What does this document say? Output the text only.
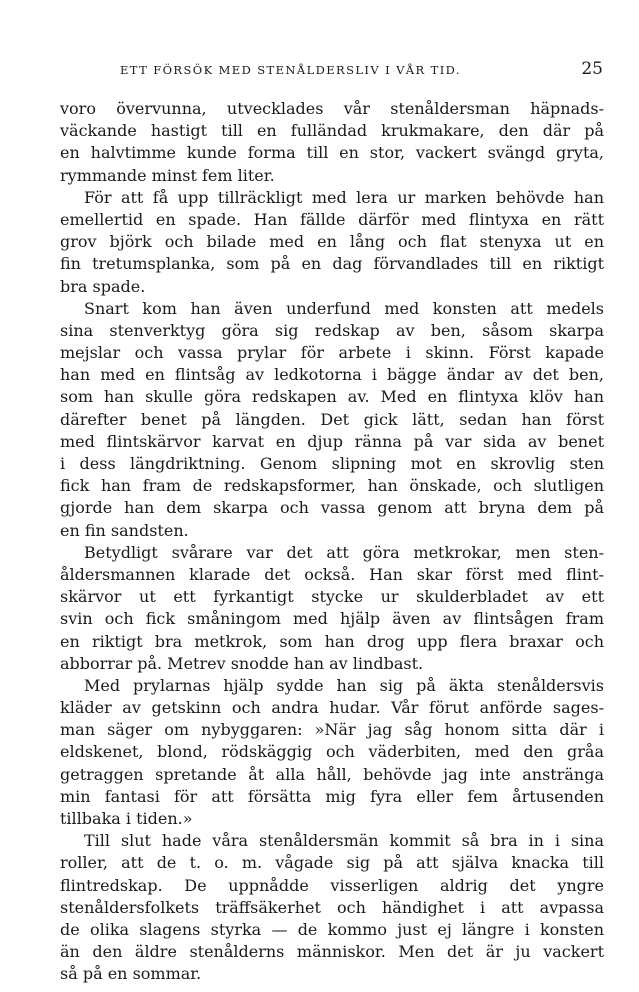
ETT FÖRSÖK MED STENÅLDERSLIV I VÅR TID.	25
voro övervunna, utvecklades vår stenåldersman häpnads-
väckande hastigt till en fulländad krukmakare, den där på
en halvtimme kunde forma till en stor, vackert svängd gryta,
rymmande minst fem liter.
För att få upp tillräckligt med lera ur marken behövde han
emellertid en spade. Han fällde därför med flintyxa en rätt
grov björk och bilade med en lång och flat stenyxa ut en
fin tretumsplanka, som på en dag förvandlades till en riktigt
bra spade.
Snart kom han även underfund med konsten att medels
sina stenverktyg göra sig redskap av ben, såsom skarpa
mejslar och vassa prylar för arbete i skinn. Först kapade
han med en flintsåg av ledkotorna i bägge ändar av det ben,
som han skulle göra redskapen av. Med en flintyxa klöv han
därefter benet på längden. Det gick lätt, sedan han först
med flintskärvor karvat en djup ränna på var sida av benet
i dess längdriktning. Genom slipning mot en skrovlig sten
fick han fram de redskapsformer, han önskade, och slutligen
gjorde han dem skarpa och vassa genom att bryna dem på
en fin sandsten.
Betydligt svårare var det att göra metkrokar, men sten-
åldersmannen klarade det också. Han skar först med flint-
skärvor ut ett fyrkantigt stycke ur skulderbladet av ett
svin och fick småningom med hjälp även av flintsågen fram
en riktigt bra metkrok, som han drog upp flera braxar och
abborrar på. Metrev snodde han av lindbast.
Med prylarnas hjälp sydde han sig på äkta stenåldersvis
kläder av getskinn och andra hudar. Vår förut anförde sages-
man säger om nybyggaren: »När jag såg honom sitta där i
eldskenet, blond, rödskäggig och väderbiten, med den gråa
getraggen spretande åt alla håll, behövde jag inte anstränga
min fantasi för att försätta mig fyra eller fem årtusenden
tillbaka i tiden.»
Till slut hade våra stenåldersmän kommit så bra in i sina
roller, att de t. o. m. vågade sig på att själva knacka till
flintredskap. De uppnådde visserligen aldrig det yngre
stenåldersfolkets träffsäkerhet och händighet i att avpassa
de olika slagens styrka — de kommo just ej längre i konsten
än den äldre stenålderns människor. Men det är ju vackert
så på en sommar.
